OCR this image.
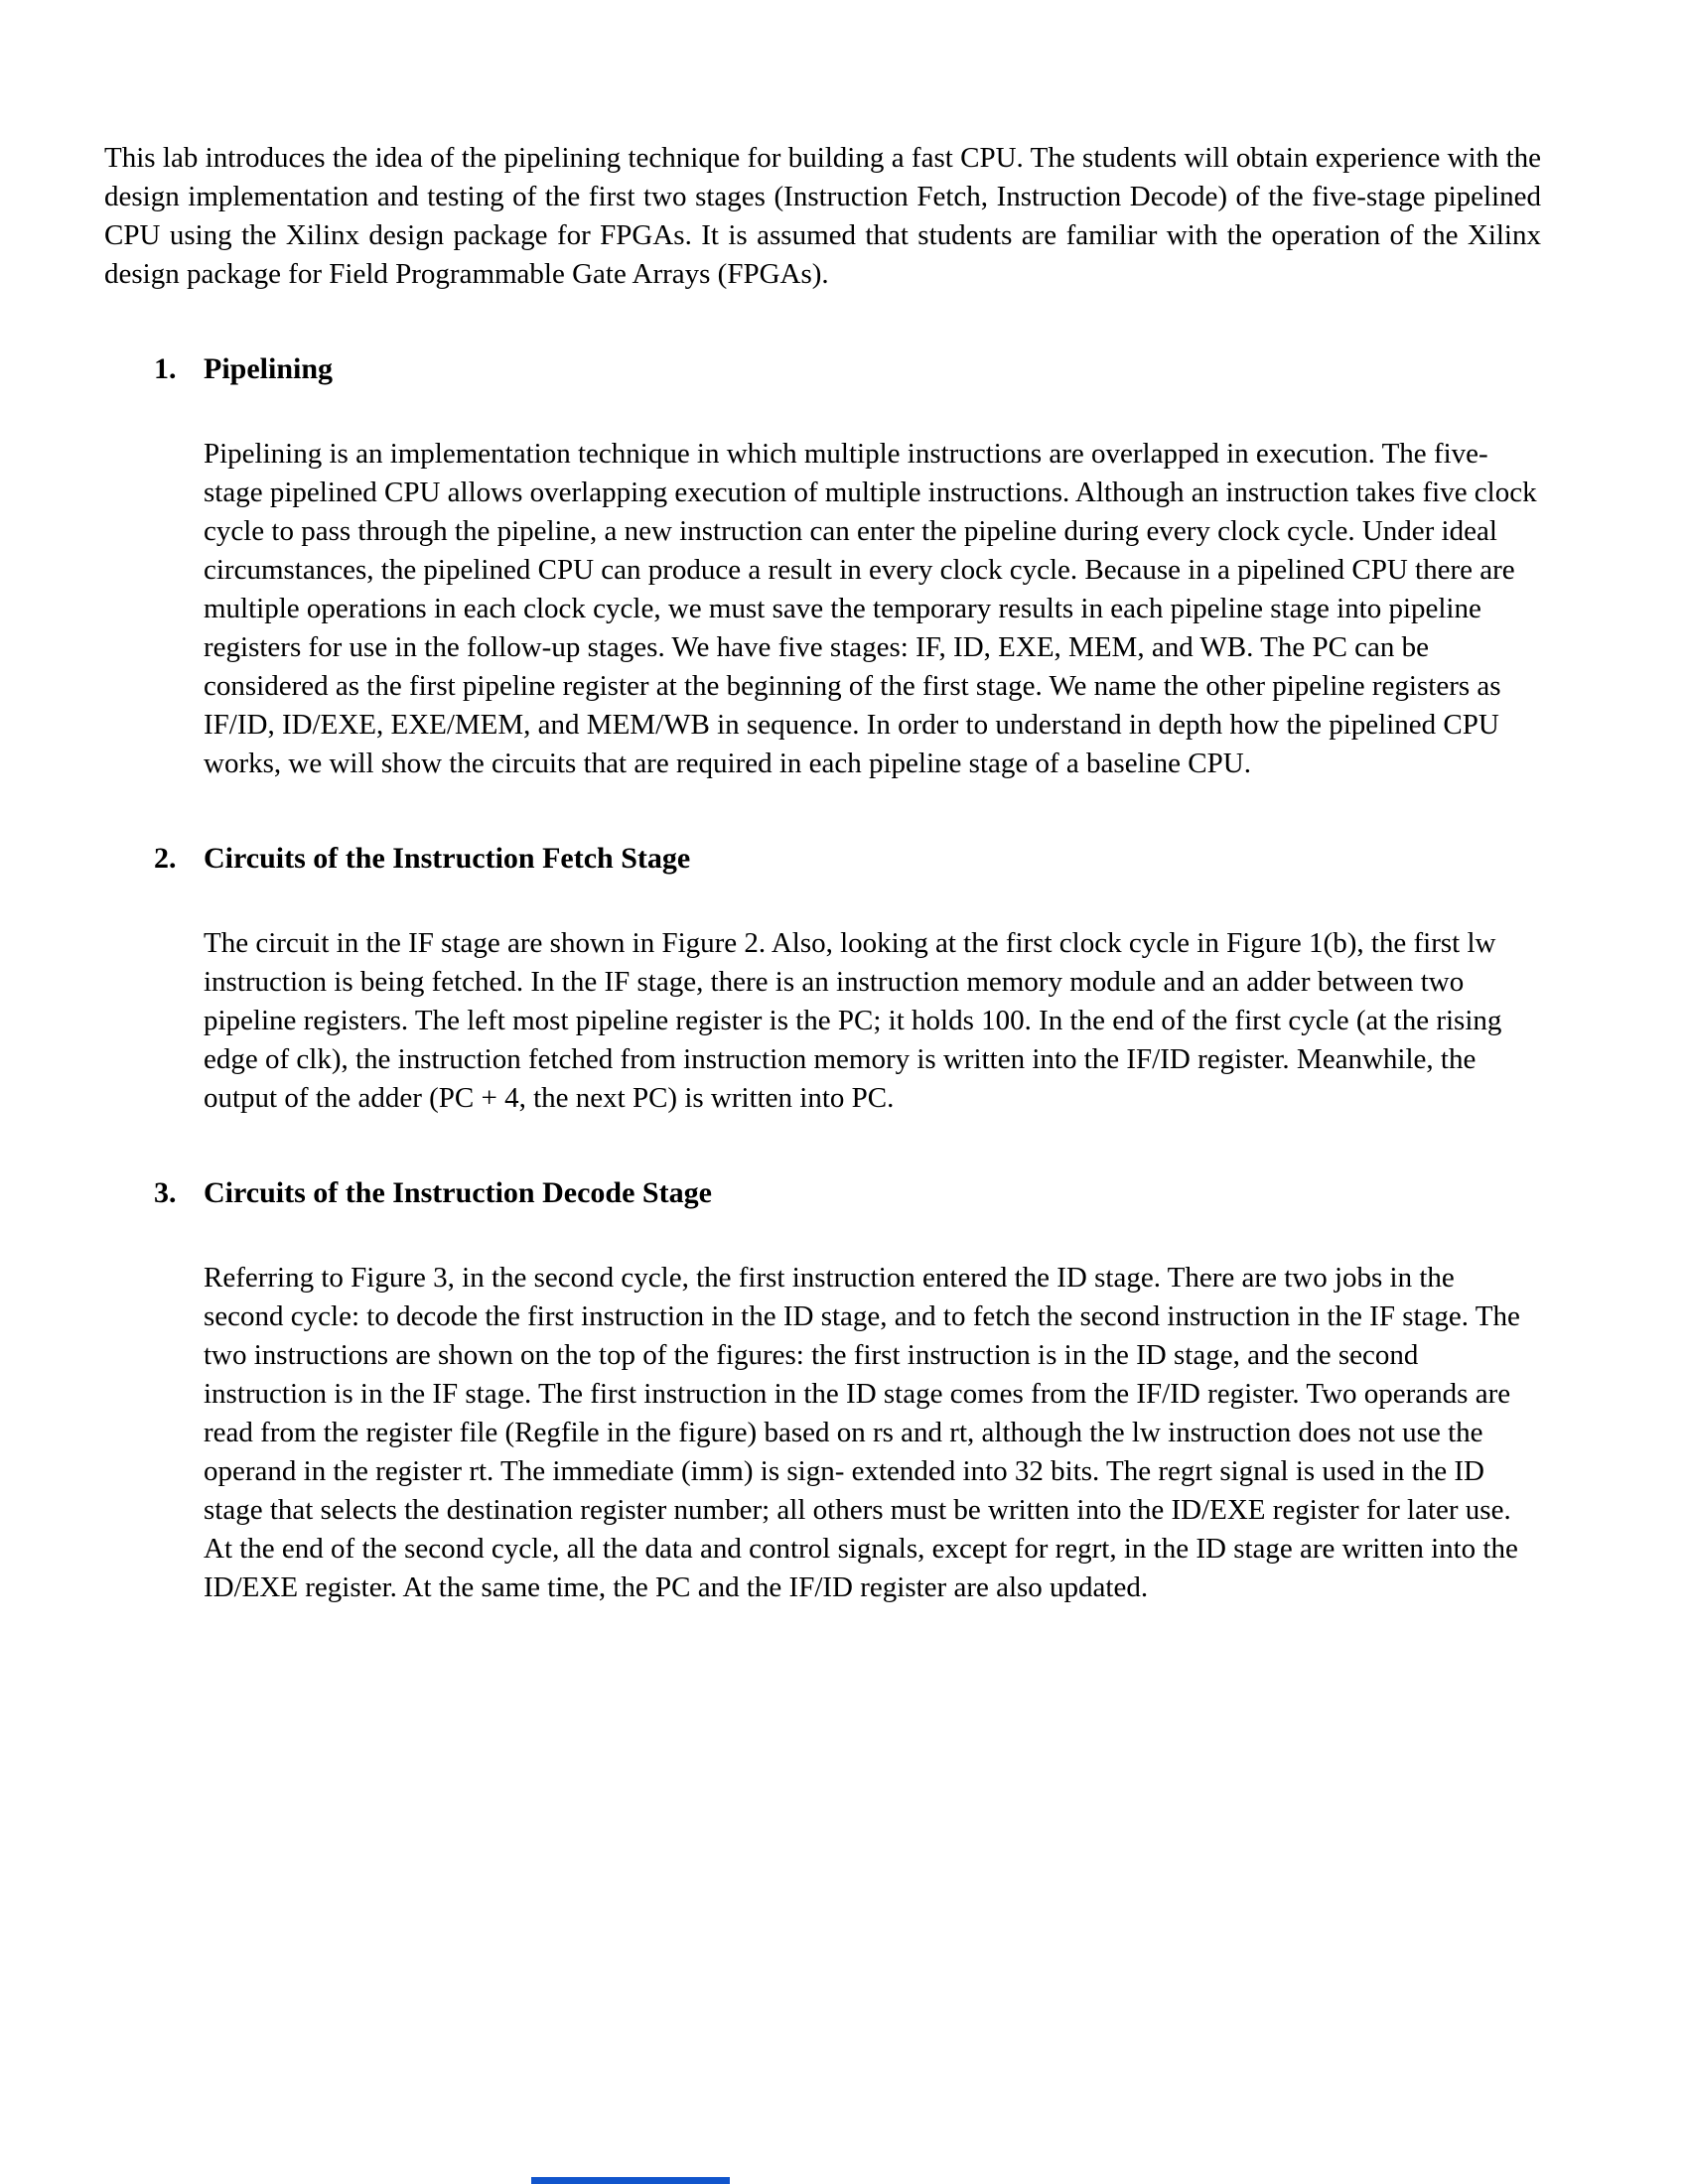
This lab introduces the idea of the pipelining technique for building a fast CPU. The students will obtain experience with the design implementation and testing of the first two stages (Instruction Fetch, Instruction Decode) of the five-stage pipelined CPU using the Xilinx design package for FPGAs. It is assumed that students are familiar with the operation of the Xilinx design package for Field Programmable Gate Arrays (FPGAs).

1. Pipelining

Pipelining is an implementation technique in which multiple instructions are overlapped in execution. The five- stage pipelined CPU allows overlapping execution of multiple instructions. Although an instruction takes five clock cycle to pass through the pipeline, a new instruction can enter the pipeline during every clock cycle. Under ideal circumstances, the pipelined CPU can produce a result in every clock cycle. Because in a pipelined CPU there are multiple operations in each clock cycle, we must save the temporary results in each pipeline stage into pipeline registers for use in the follow-up stages. We have five stages: IF, ID, EXE, MEM, and WB. The PC can be considered as the first pipeline register at the beginning of the first stage. We name the other pipeline registers as IF/ID, ID/EXE, EXE/MEM, and MEM/WB in sequence. In order to understand in depth how the pipelined CPU works, we will show the circuits that are required in each pipeline stage of a baseline CPU.

2. Circuits of the Instruction Fetch Stage

The circuit in the IF stage are shown in Figure 2. Also, looking at the first clock cycle in Figure 1(b), the first lw instruction is being fetched. In the IF stage, there is an instruction memory module and an adder between two pipeline registers. The left most pipeline register is the PC; it holds 100. In the end of the first cycle (at the rising edge of clk), the instruction fetched from instruction memory is written into the IF/ID register. Meanwhile, the output of the adder (PC + 4, the next PC) is written into PC.

3. Circuits of the Instruction Decode Stage

Referring to Figure 3, in the second cycle, the first instruction entered the ID stage. There are two jobs in the second cycle: to decode the first instruction in the ID stage, and to fetch the second instruction in the IF stage. The two instructions are shown on the top of the figures: the first instruction is in the ID stage, and the second instruction is in the IF stage. The first instruction in the ID stage comes from the IF/ID register. Two operands are read from the register file (Regfile in the figure) based on rs and rt, although the lw instruction does not use the operand in the register rt. The immediate (imm) is sign- extended into 32 bits. The regrt signal is used in the ID stage that selects the destination register number; all others must be written into the ID/EXE register for later use. At the end of the second cycle, all the data and control signals, except for regrt, in the ID stage are written into the ID/EXE register. At the same time, the PC and the IF/ID register are also updated.
